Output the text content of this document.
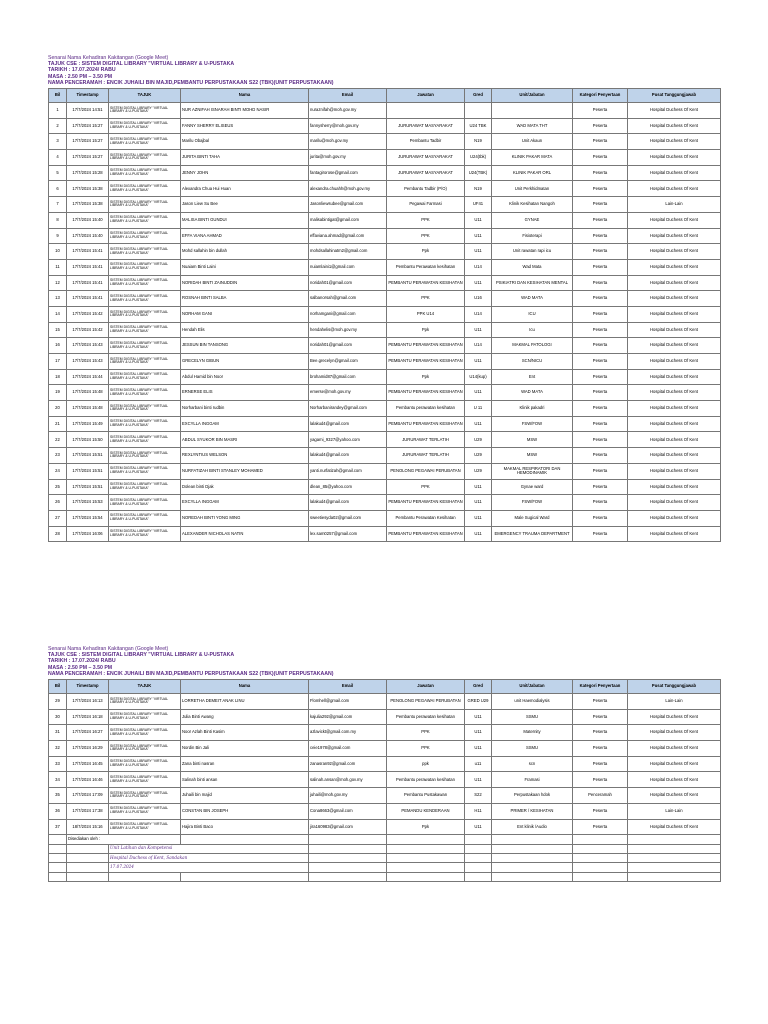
Senarai Nama Kehadiran Kakitangan (Google Meet)
TAJUK CSE : SISTEM DIGITAL LIBRARY "VIRTUAL LIBRARY & U-PUSTAKA
TARIKH : 17.07.2024/ RABU
MASA : 2.50 PM – 3.50 PM
NAMA PENCERAMAH : ENCIK JUHAILI BIN MAJID,PEMBANTU PERPUSTAKAAN S22 (TBK)(UNIT PERPUSTAKAAN)
Bil	Timestamp	TAJUK	Nama	Email	Jawatan	Gred	Unit/Jabatan	Kategori Penyertaan	Pusat Tanggungjawab
1	17/7/2024 14:51	SISTEM DIGITAL LIBRARY "VIRTUAL LIBRARY & U-PUSTAKA"	NUR AZNIFAH ISNARAH BINTI MOHD NASIR	nuraznifah@moh.gov.my				Peserta	Hospital Duchess Of Kent
2	17/7/2024 15:27	SISTEM DIGITAL LIBRARY "VIRTUAL LIBRARY & U-PUSTAKA"	FANNY SHERRY ELISEUS	fannysherry@moh.gov.my	JURURAWAT MASYARAKAT	U24 TBK	WAD MATA THT	Peserta	Hospital Duchess Of Kent
3	17/7/2024 15:27	SISTEM DIGITAL LIBRARY "VIRTUAL LIBRARY & U-PUSTAKA"	Marilu Obajbal	marilu@moh.gov.my	Pembantu Tadbir	N19	Unit Akaun	Peserta	Hospital Duchess Of Kent
4	17/7/2024 15:27	SISTEM DIGITAL LIBRARY "VIRTUAL LIBRARY & U-PUSTAKA"	JURITA BINTI TAHA	jurita@moh.gov.my	JURURAWAT MASYARAKAT	U24(tbk)	KLINIK PAKAR MATA	Peserta	Hospital Duchess Of Kent
5	17/7/2024 15:28	SISTEM DIGITAL LIBRARY "VIRTUAL LIBRARY & U-PUSTAKA"	JENNY JOHN	fantagirorose@gmail.com	JURURAWAT MASYARAKAT	U24(TBK)	KLINIK PAKAR ORL	Peserta	Hospital Duchess Of Kent
6	17/7/2024 15:38	SISTEM DIGITAL LIBRARY "VIRTUAL LIBRARY & U-PUSTAKA"	Alexandra Chua Hui Huan	alexandra.chuahh@moh.gov.my	Pembantu Tadbir (P/O)	N19	Unit Perkhidmatan	Peserta	Hospital Duchess Of Kent
7	17/7/2024 15:38	SISTEM DIGITAL LIBRARY "VIRTUAL LIBRARY & U-PUSTAKA"	Jason Liew Su Bee	Jasonliewsubee@gmail.com	Pegawai Farmasi	UF41	Klinik Kesihatan Nangoh	Peserta	Lain-Lain
8	17/7/2024 15:40	SISTEM DIGITAL LIBRARY "VIRTUAL LIBRARY & U-PUSTAKA"	MALISA BINTI GUNDUI	malisabintigat@gmail.com	PPK	U11	GYNAE	Peserta	Hospital Duchess Of Kent
9	17/7/2024 15:40	SISTEM DIGITAL LIBRARY "VIRTUAL LIBRARY & U-PUSTAKA"	EFFA VIANA AHMAD	effaviana.ahmad@gmail.com	PPK	U11	Fisioterapi	Peserta	Hospital Duchess Of Kent
10	17/7/2024 15:41	SISTEM DIGITAL LIBRARY "VIRTUAL LIBRARY & U-PUSTAKA"	Mohd sallahin bin dullah	mohdsallahinatm2@gmail.com	Ppk	U11	Unit rawatan rapi icu	Peserta	Hospital Duchess Of Kent
11	17/7/2024 15:41	SISTEM DIGITAL LIBRARY "VIRTUAL LIBRARY & U-PUSTAKA"	Nuaiam Binti Laini	nuiamlaini1@gmail.com	Pembantu Perawatan kesihatan	U14	Wad Mata	Peserta	Hospital Duchess Of Kent
12	17/7/2024 15:41	SISTEM DIGITAL LIBRARY "VIRTUAL LIBRARY & U-PUSTAKA"	NORIDAH BINTI ZAINUDDIN	noridah01@gmail.com	PEMBANTU PERAWATAN KESIHATAN	U11	PSIKIATRI DAN KESIHATAN MENTAL	Peserta	Hospital Duchess Of Kent
13	17/7/2024 15:41	SISTEM DIGITAL LIBRARY "VIRTUAL LIBRARY & U-PUSTAKA"	ROSNAH BINTI SALBA	salbanorsah@gmail.com	PPK	U16	WAD MATA	Peserta	Hospital Duchess Of Kent
14	17/7/2024 15:42	SISTEM DIGITAL LIBRARY "VIRTUAL LIBRARY & U-PUSTAKA"	NORHAM GANI	norhamgani@gmail.com	PPK U14	U14	ICU	Peserta	Hospital Duchess Of Kent
15	17/7/2024 15:42	SISTEM DIGITAL LIBRARY "VIRTUAL LIBRARY & U-PUSTAKA"	Hendah Elis	hendahelis@moh.gov.my	Ppk	U11	Icu	Peserta	Hospital Duchess Of Kent
16	17/7/2024 15:43	SISTEM DIGITAL LIBRARY "VIRTUAL LIBRARY & U-PUSTAKA"	JESSUN BIN TANSONG	noridah01@gmail.com	PEMBANTU PERAWATAN KESIHATAN	U14	MAKMAL PATOLOGI	Peserta	Hospital Duchess Of Kent
17	17/7/2024 15:43	SISTEM DIGITAL LIBRARY "VIRTUAL LIBRARY & U-PUSTAKA"	GRECELYN GIBUN	Bee.grecelyn@gmail.com	PEMBANTU PERAWATAN KESIHATAN	U11	SCN/NICU	Peserta	Hospital Duchess Of Kent
18	17/7/2024 15:44	SISTEM DIGITAL LIBRARY "VIRTUAL LIBRARY & U-PUSTAKA"	Abdul Hamid bin Noor	brohamid87@gmail.com	Ppk	U14(kup)	Ent	Peserta	Hospital Duchess Of Kent
19	17/7/2024 15:48	SISTEM DIGITAL LIBRARY "VIRTUAL LIBRARY & U-PUSTAKA"	ERNERSE ELIS	emerse@moh.gov.my	PEMBANTU PERAWATAN KESIHATAN	U11	WAD MATA	Peserta	Hospital Duchess Of Kent
20	17/7/2024 15:48	SISTEM DIGITAL LIBRARY "VIRTUAL LIBRARY & U-PUSTAKA"	Norharbani binti rudbin	Norharbanirandey@gmail.com	Pembantu perawatan kesihatan	U 11	Klinik pakadri	Peserta	Hospital Duchess Of Kent
21	17/7/2024 15:49	SISTEM DIGITAL LIBRARY "VIRTUAL LIBRARY & U-PUSTAKA"	EXCYLLA INGGAM	lalakud4@gmail.com	PEMBANTU PERAWATAN KESIHATAN	U11	FSW/FOW	Peserta	Hospital Duchess Of Kent
22	17/7/2024 15:50	SISTEM DIGITAL LIBRARY "VIRTUAL LIBRARY & U-PUSTAKA"	ABDUL SYUKOR BIN MASRI	yagami_9327@yahoo.com	JURURAWAT TERLATIH	U29	MSW	Peserta	Hospital Duchess Of Kent
23	17/7/2024 15:51	SISTEM DIGITAL LIBRARY "VIRTUAL LIBRARY & U-PUSTAKA"	REXLYNTIUS WELSON	lalakud4@gmail.com	JURURAWAT TERLATIH	U29	MSW	Peserta	Hospital Duchess Of Kent
24	17/7/2024 15:51	SISTEM DIGITAL LIBRARY "VIRTUAL LIBRARY & U-PUSTAKA"	NURFATIZAH BINTI STANLEY MOHAMED	yanti.nurfatizah@gmail.com	PENOLONG PEGAWAI PERUBATAN	U29	MAKMAL RESPIRATORI DAN HEMODINAMIK	Peserta	Hospital Duchess Of Kent
25	17/7/2024 15:51	SISTEM DIGITAL LIBRARY "VIRTUAL LIBRARY & U-PUSTAKA"	Dolean binti Djak	dlean_85@yahoo.com	PPK	U11	Gynae ward	Peserta	Hospital Duchess Of Kent
26	17/7/2024 15:53	SISTEM DIGITAL LIBRARY "VIRTUAL LIBRARY & U-PUSTAKA"	EXCYLLA INGGAM	lalakud4@gmail.com	PEMBANTU PERAWATAN KESIHATAN	U11	FSW/FOW	Peserta	Hospital Duchess Of Kent
27	17/7/2024 15:54	SISTEM DIGITAL LIBRARY "VIRTUAL LIBRARY & U-PUSTAKA"	NOREDAH BINTI YONG MING	sweetiesyda02@gmail.com	Pembantu Perawatan Kesihatan	U11	Male Sugical Ward	Peserta	Hospital Duchess Of Kent
28	17/7/2024 16:06	SISTEM DIGITAL LIBRARY "VIRTUAL LIBRARY & U-PUSTAKA"	ALEXANDER NICHOLAS NATIN	lex.sam0257@gmail.com	PEMBANTU PERAWATAN KESIHATAN	U11	EMERGENCY TRAUMA DEPARTMENT	Peserta	Hospital Duchess Of Kent
Senarai Nama Kehadiran Kakitangan (Google Meet)
TAJUK CSE : SISTEM DIGITAL LIBRARY "VIRTUAL LIBRARY & U-PUSTAKA
TARIKH : 17.07.2024/ RABU
MASA : 2.50 PM – 3.50 PM
NAMA PENCERAMAH : ENCIK JUHAILI BIN MAJID,PEMBANTU PERPUSTAKAAN S22 (TBK)(UNIT PERPUSTAKAAN)
Bil	Timestamp	TAJUK	Nama	Email	Jawatan	Gred	Unit/Jabatan	Kategori Penyertaan	Pusat Tanggungjawab
29	17/7/2024 16:13	SISTEM DIGITAL LIBRARY "VIRTUAL LIBRARY & U-PUSTAKA"	LORRETHA DEMEIT ANAK LINU	Flomhell@gmail.com	PENOLONG PEGAWAI PERUBATAN	GRED U29	unit Haemodialysis	Peserta	Lain-Lain
30	17/7/2024 16:18	SISTEM DIGITAL LIBRARY "VIRTUAL LIBRARY & U-PUSTAKA"	Julia Binti Awang	kajulia292@gmail.com	Pembantu perawatan kesihatan	U11	SSMU	Peserta	Hospital Duchess Of Kent
31	17/7/2024 16:27	SISTEM DIGITAL LIBRARY "VIRTUAL LIBRARY & U-PUSTAKA"	Noor Azlah Binti Kasim	azlavickt@gmail.com.my	PPK	U11	Maternity	Peserta	Hospital Duchess Of Kent
32	17/7/2024 16:29	SISTEM DIGITAL LIBRARY "VIRTUAL LIBRARY & U-PUSTAKA"	Nordin Bin Jali	ceie1978@gmail.com	PPK	U11	SSMU	Peserta	Hospital Duchess Of Kent
33	17/7/2024 16:45	SISTEM DIGITAL LIBRARY "VIRTUAL LIBRARY & U-PUSTAKA"	Zana binti nasran	zanasran92@gmail.com	ppk	u11	scn	Peserta	Hospital Duchess Of Kent
34	17/7/2024 16:46	SISTEM DIGITAL LIBRARY "VIRTUAL LIBRARY & U-PUSTAKA"	Salinah binti ansan	salinah.ansan@moh.gov.my	Pembantu perawatan kesihatan	U11	Framasi	Peserta	Hospital Duchess Of Kent
35	17/7/2024 17:09	SISTEM DIGITAL LIBRARY "VIRTUAL LIBRARY & U-PUSTAKA"	Juhaili bin majid	juhaili@moh.gov.my	Pembantu Pustakawan	S22	Perpustakaan hdok	Penceramah	Hospital Duchess Of Kent
36	17/7/2024 17:38	SISTEM DIGITAL LIBRARY "VIRTUAL LIBRARY & U-PUSTAKA"	CONSTAN BIN JOSEPH	Cona8663@gmail.com	PEMANDU KENDERAAN	H11	PRIMER / KESIHATAN	Peserta	Lain-Lain
37	18/7/2024 15:16	SISTEM DIGITAL LIBRARY "VIRTUAL LIBRARY & U-PUSTAKA"	Hajira Binti Baco	jira160983@gmail.com	Ppk	U11	Ent klinik /Audio	Peserta	Hospital Duchess Of Kent
	Disediakan oleh :								
		Unit Latihan dan Kompetensi							
		Hospital Duchess of Kent, Sandakan							
		17.07.2024							
